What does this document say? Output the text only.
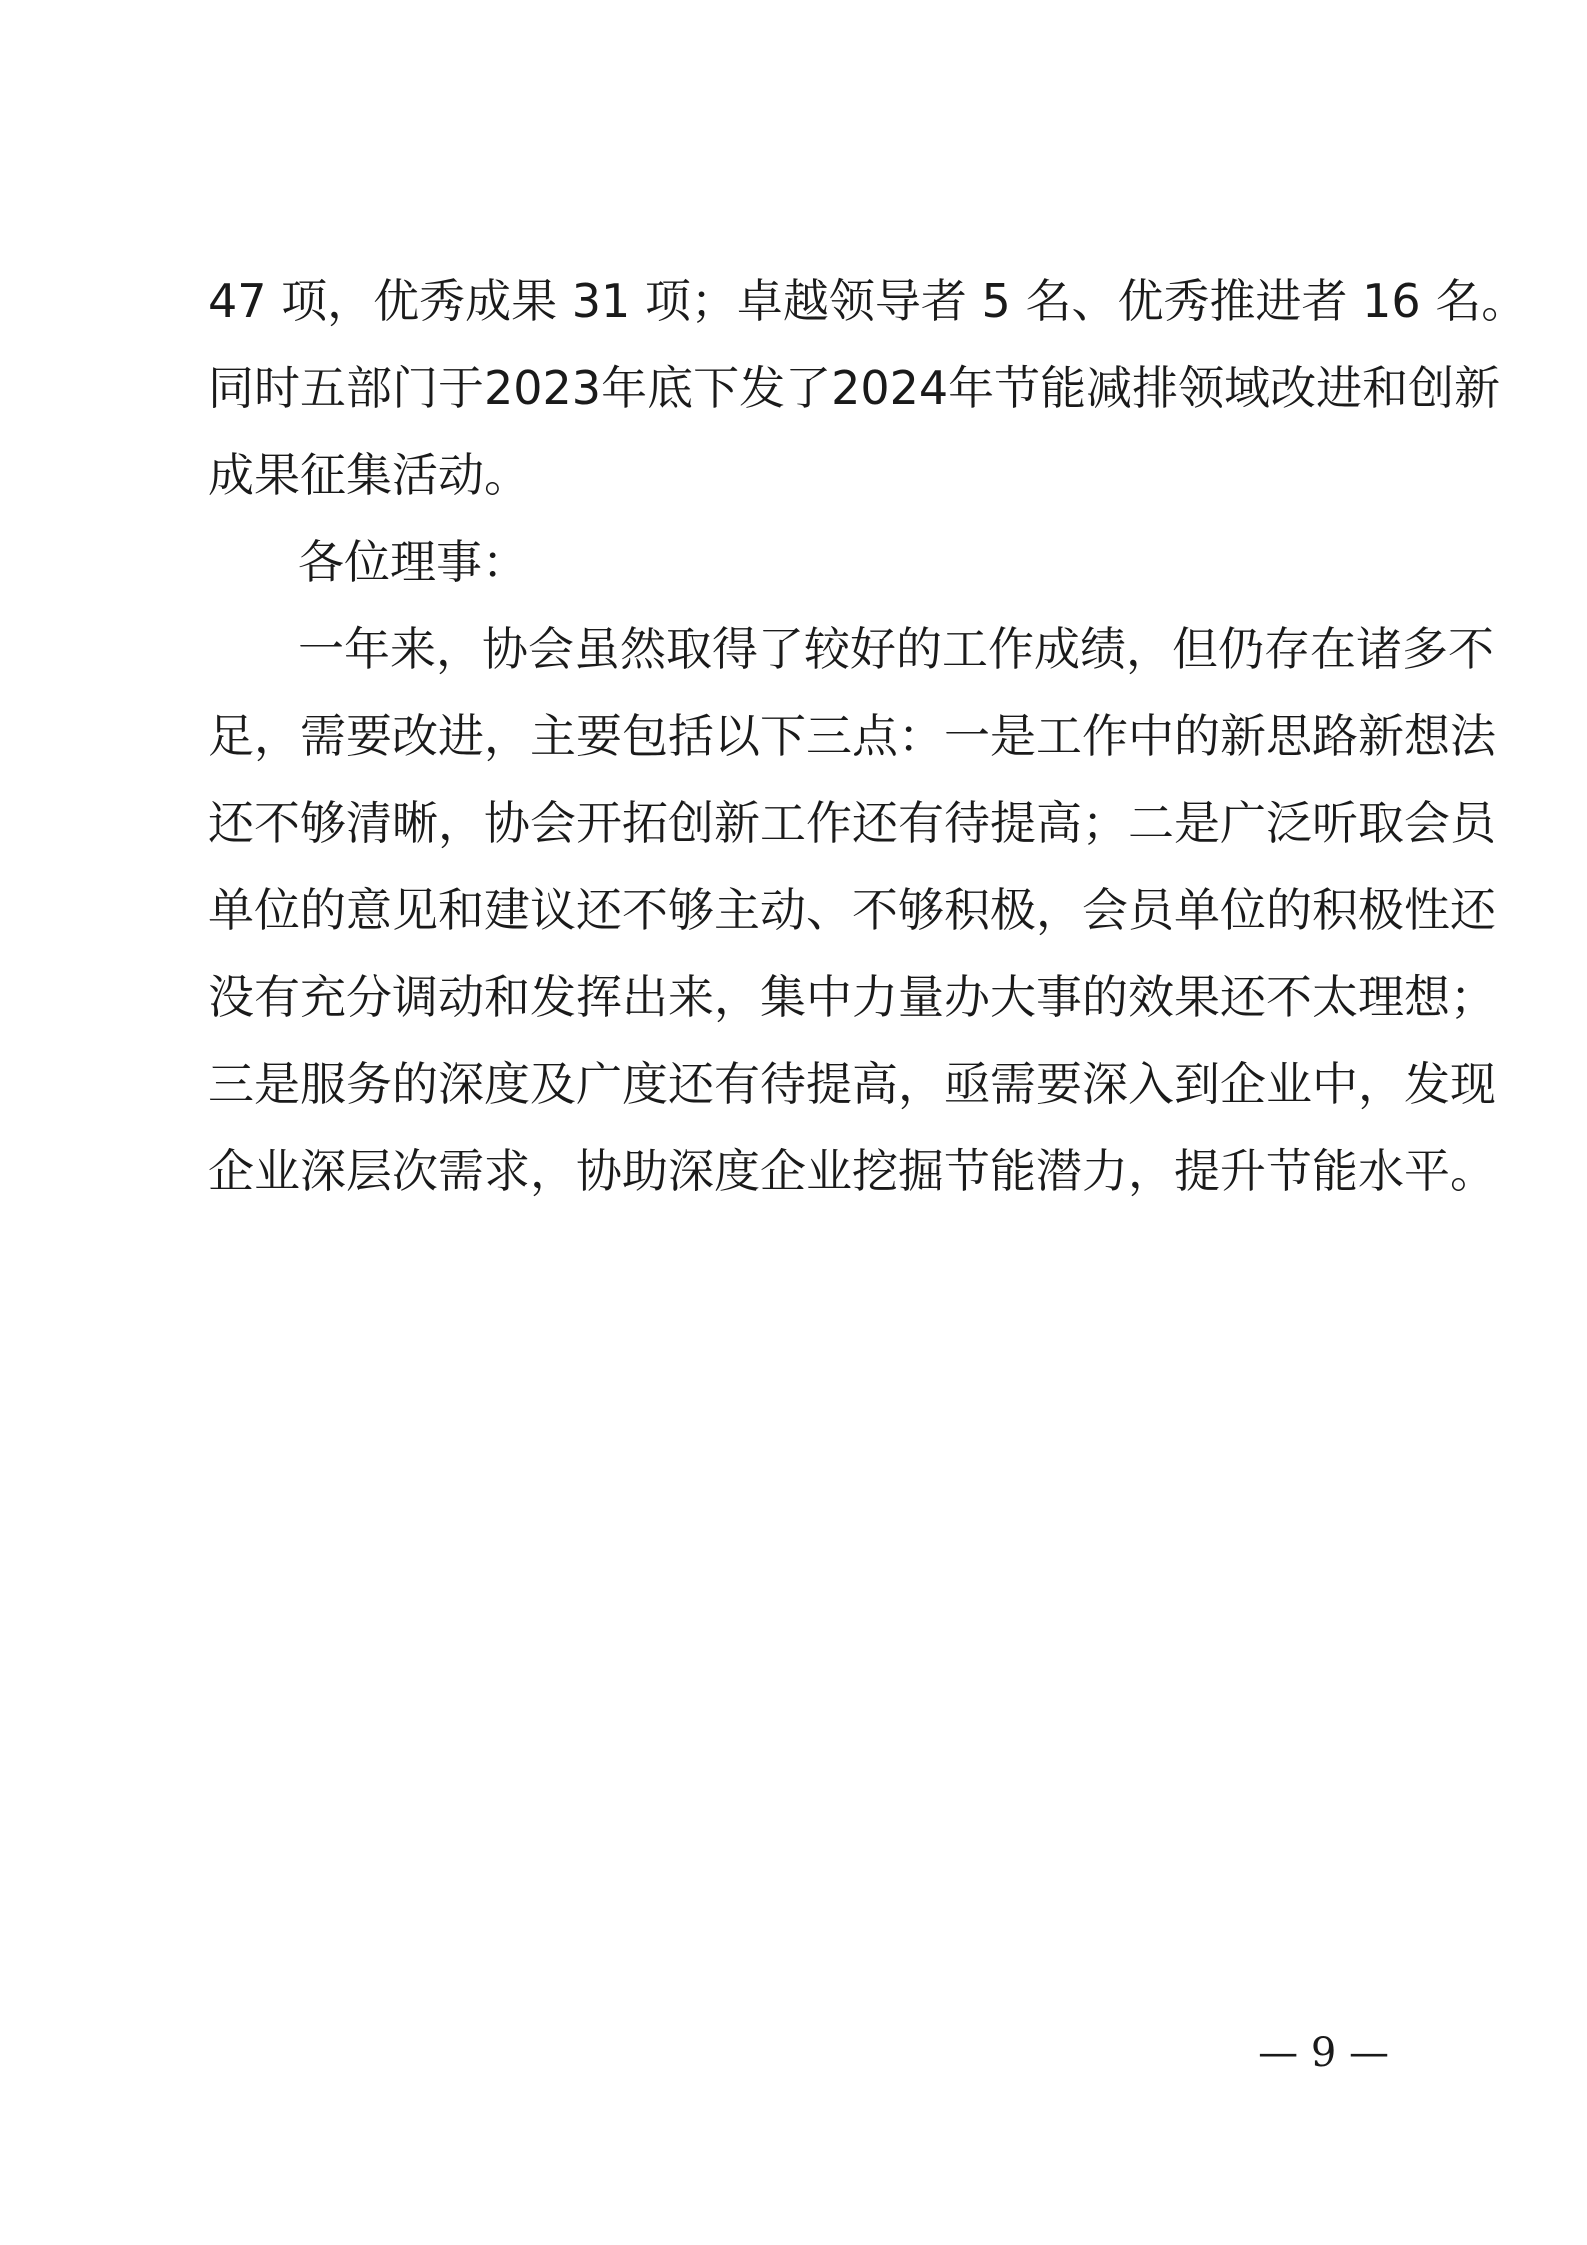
47 项，优秀成果 31 项；卓越领导者 5 名、优秀推进者 16 名。
同时五部门于2023年底下发了2024年节能减排领域改进和创新
成果征集活动。
各位理事：
一年来，协会虽然取得了较好的工作成绩，但仍存在诸多不
足，需要改进，主要包括以下三点：一是工作中的新思路新想法
还不够清晰，协会开拓创新工作还有待提高；二是广泛听取会员
单位的意见和建议还不够主动、不够积极，会员单位的积极性还
没有充分调动和发挥出来，集中力量办大事的效果还不太理想；
三是服务的深度及广度还有待提高，亟需要深入到企业中，发现
企业深层次需求，协助深度企业挖掘节能潜力，提升节能水平。
— 9 —
